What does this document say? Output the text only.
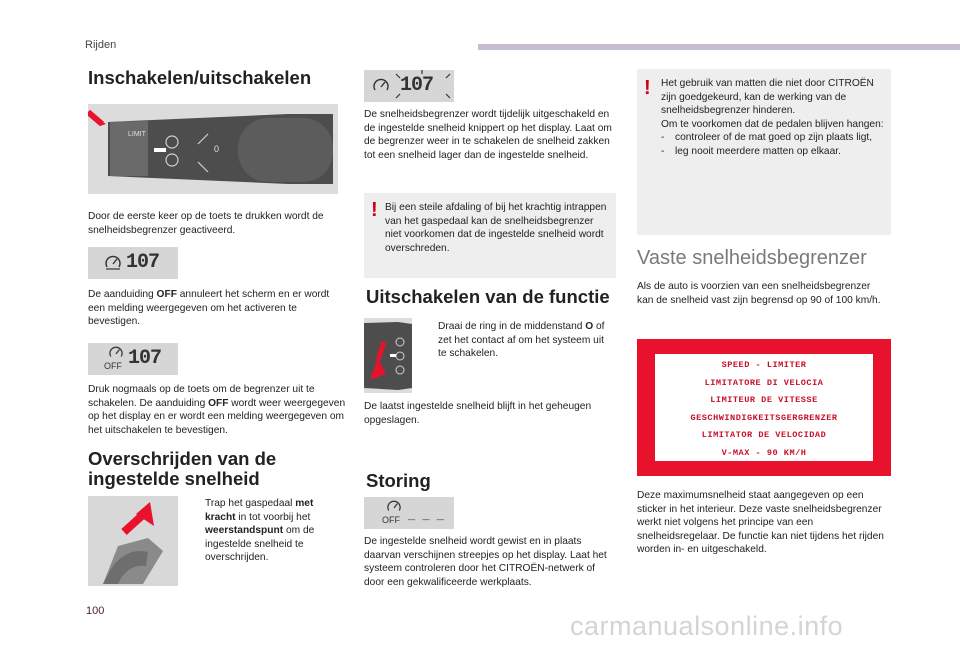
Rijden
Inschakelen/uitschakelen
LIMIT
0
Door de eerste keer op de toets te drukken wordt de snelheidsbegrenzer geactiveerd.
107
De aanduiding OFF annuleert het scherm en er wordt een melding weergegeven om het activeren te bevestigen.
OFF 107
Druk nogmaals op de toets om de begrenzer uit te schakelen. De aanduiding OFF wordt weer weergegeven op het display en er wordt een melding weergegeven om het uitschakelen te bevestigen.
Overschrijden van de
ingestelde snelheid
Trap het gaspedaal met kracht in tot voorbij het weerstandspunt om de ingestelde snelheid te overschrijden.
107
De snelheidsbegrenzer wordt tijdelijk uitgeschakeld en de ingestelde snelheid knippert op het display. Laat om de begrenzer weer in te schakelen de snelheid zakken tot een snelheid lager dan de ingestelde snelheid.
! Bij een steile afdaling of bij het krachtig intrappen van het gaspedaal kan de snelheidsbegrenzer niet voorkomen dat de ingestelde snelheid wordt overschreden.
Uitschakelen van de functie
Draai de ring in de middenstand O of zet het contact af om het systeem uit te schakelen.
De laatst ingestelde snelheid blijft in het geheugen opgeslagen.
Storing
OFF _ _ _
De ingestelde snelheid wordt gewist en in plaats daarvan verschijnen streepjes op het display. Laat het systeem controleren door het CITROËN-netwerk of door een gekwalificeerde werkplaats.
! Het gebruik van matten die niet door CITROËN zijn goedgekeurd, kan de werking van de snelheidsbegrenzer hinderen.
Om te voorkomen dat de pedalen blijven hangen:
- controleer of de mat goed op zijn plaats ligt,
- leg nooit meerdere matten op elkaar.
Vaste snelheidsbegrenzer
Als de auto is voorzien van een snelheidsbegrenzer kan de snelheid vast zijn begrensd op 90 of 100 km/h.
SPEED - LIMITER
LIMITATORE DI VELOCIA
LIMITEUR DE VITESSE
GESCHWINDIGKEITSGERGRENZER
LIMITATOR DE VELOCIDAD
V-MAX - 90 KM/H
Deze maximumsnelheid staat aangegeven op een sticker in het interieur. Deze vaste snelheidsbegrenzer werkt niet volgens het principe van een snelheidsregelaar. De functie kan niet tijdens het rijden worden in- en uitgeschakeld.
100	carmanualsonline.info
